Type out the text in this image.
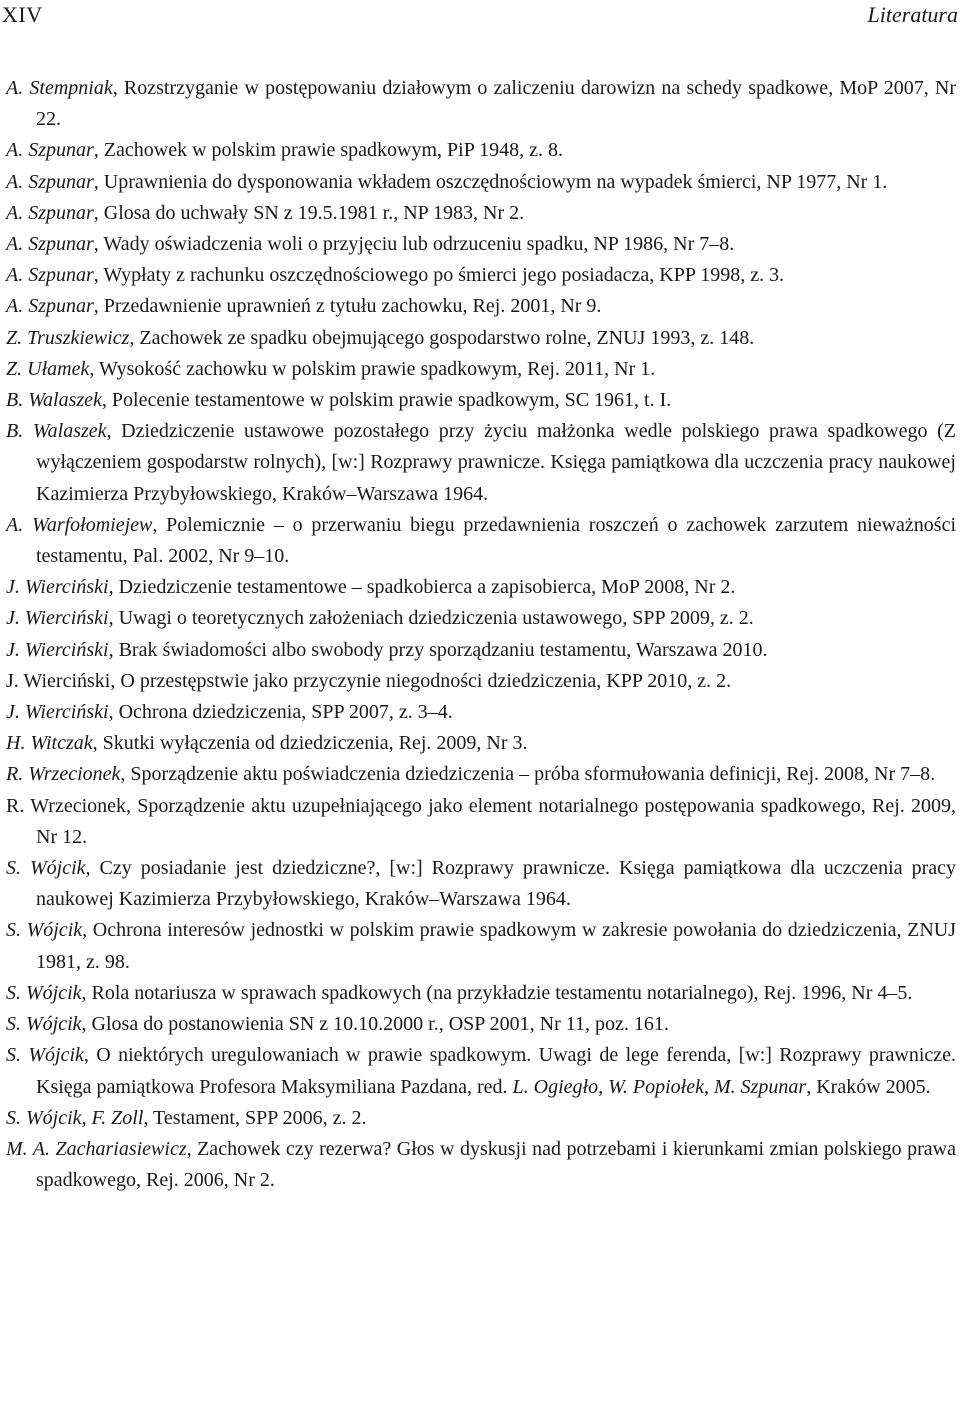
XIV	Literatura

A. Stempniak, Rozstrzyganie w postępowaniu działowym o zaliczeniu darowizn na schedy spadkowe, MoP 2007, Nr 22.

A. Szpunar, Zachowek w polskim prawie spadkowym, PiP 1948, z. 8.

A. Szpunar, Uprawnienia do dysponowania wkładem oszczędnościowym na wypadek śmierci, NP 1977, Nr 1.

A. Szpunar, Glosa do uchwały SN z 19.5.1981 r., NP 1983, Nr 2.

A. Szpunar, Wady oświadczenia woli o przyjęciu lub odrzuceniu spadku, NP 1986, Nr 7–8.

A. Szpunar, Wypłaty z rachunku oszczędnościowego po śmierci jego posiadacza, KPP 1998, z. 3.

A. Szpunar, Przedawnienie uprawnień z tytułu zachowku, Rej. 2001, Nr 9.

Z. Truszkiewicz, Zachowek ze spadku obejmującego gospodarstwo rolne, ZNUJ 1993, z. 148.

Z. Ułamek, Wysokość zachowku w polskim prawie spadkowym, Rej. 2011, Nr 1.

B. Walaszek, Polecenie testamentowe w polskim prawie spadkowym, SC 1961, t. I.

B. Walaszek, Dziedziczenie ustawowe pozostałego przy życiu małżonka wedle polskiego prawa spadkowego (Z wyłączeniem gospodarstw rolnych), [w:] Rozprawy prawnicze. Księga pamiątkowa dla uczczenia pracy naukowej Kazimierza Przybyłowskiego, Kraków–Warszawa 1964.

A. Warfołomiejew, Polemicznie – o przerwaniu biegu przedawnienia roszczeń o zachowek zarzutem nieważności testamentu, Pal. 2002, Nr 9–10.

J. Wierciński, Dziedziczenie testamentowe – spadkobierca a zapisobierca, MoP 2008, Nr 2.

J. Wierciński, Uwagi o teoretycznych założeniach dziedziczenia ustawowego, SPP 2009, z. 2.

J. Wierciński, Brak świadomości albo swobody przy sporządzaniu testamentu, Warszawa 2010.

J. Wierciński, O przestępstwie jako przyczynie niegodności dziedziczenia, KPP 2010, z. 2.

J. Wierciński, Ochrona dziedziczenia, SPP 2007, z. 3–4.

H. Witczak, Skutki wyłączenia od dziedziczenia, Rej. 2009, Nr 3.

R. Wrzecionek, Sporządzenie aktu poświadczenia dziedziczenia – próba sformułowania definicji, Rej. 2008, Nr 7–8.

R. Wrzecionek, Sporządzenie aktu uzupełniającego jako element notarialnego postępowania spadkowego, Rej. 2009, Nr 12.

S. Wójcik, Czy posiadanie jest dziedziczne?, [w:] Rozprawy prawnicze. Księga pamiątkowa dla uczczenia pracy naukowej Kazimierza Przybyłowskiego, Kraków–Warszawa 1964.

S. Wójcik, Ochrona interesów jednostki w polskim prawie spadkowym w zakresie powołania do dziedziczenia, ZNUJ 1981, z. 98.

S. Wójcik, Rola notariusza w sprawach spadkowych (na przykładzie testamentu notarialnego), Rej. 1996, Nr 4–5.

S. Wójcik, Glosa do postanowienia SN z 10.10.2000 r., OSP 2001, Nr 11, poz. 161.

S. Wójcik, O niektórych uregulowaniach w prawie spadkowym. Uwagi de lege ferenda, [w:] Rozprawy prawnicze. Księga pamiątkowa Profesora Maksymiliana Pazdana, red. L. Ogiegło, W. Popiołek, M. Szpunar, Kraków 2005.

S. Wójcik, F. Zoll, Testament, SPP 2006, z. 2.

M. A. Zachariasiewicz, Zachowek czy rezerwa? Głos w dyskusji nad potrzebami i kierunkami zmian polskiego prawa spadkowego, Rej. 2006, Nr 2.
